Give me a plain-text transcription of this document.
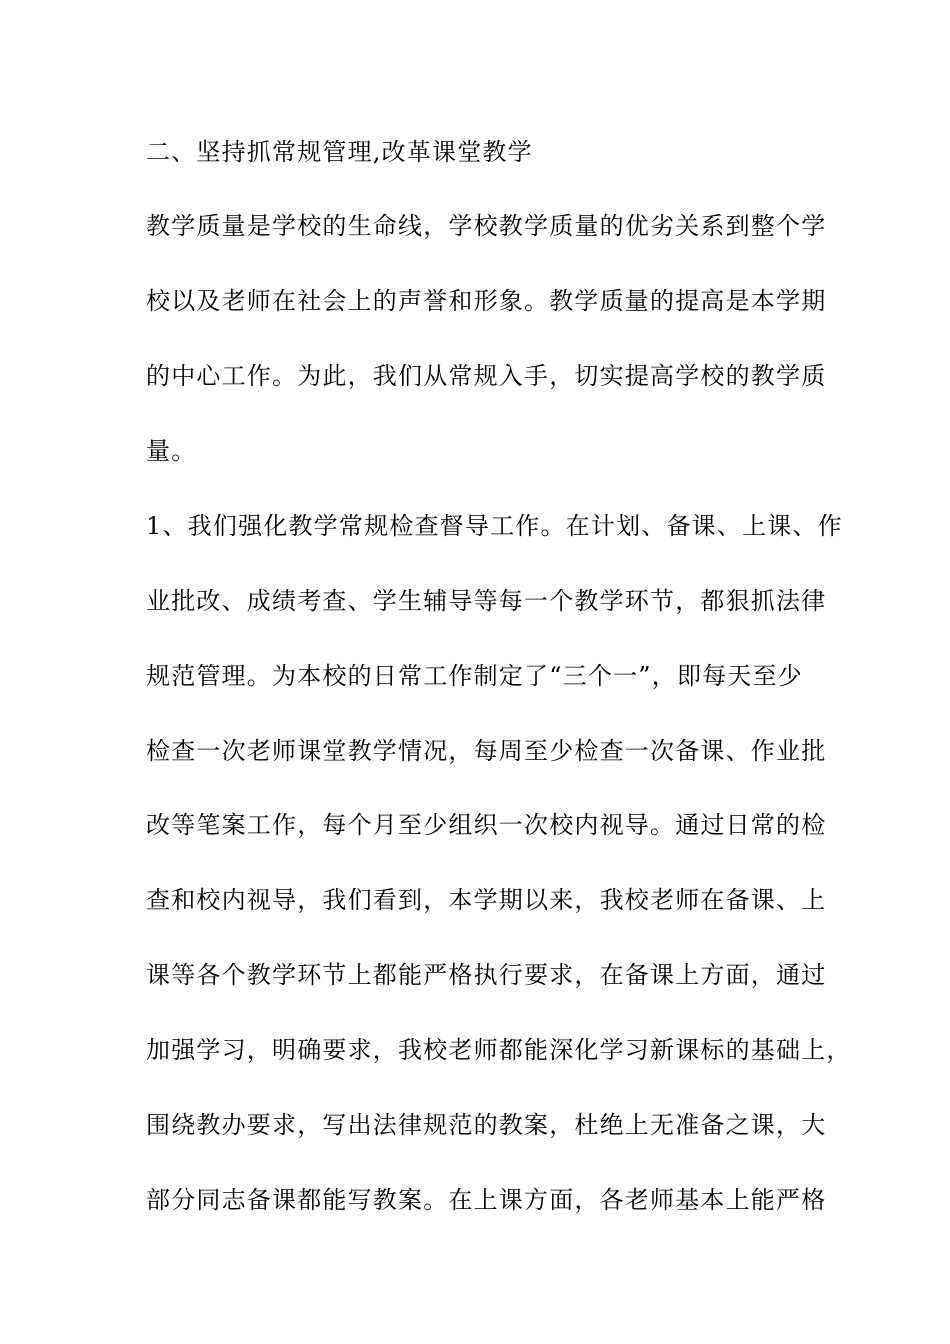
二、坚持抓常规管理,改革课堂教学
教学质量是学校的生命线，学校教学质量的优劣关系到整个学
校以及老师在社会上的声誉和形象。教学质量的提高是本学期
的中心工作。为此，我们从常规入手，切实提高学校的教学质
量。
1、我们强化教学常规检查督导工作。在计划、备课、上课、作
业批改、成绩考查、学生辅导等每一个教学环节，都狠抓法律
规范管理。为本校的日常工作制定了“三个一”，即每天至少
检查一次老师课堂教学情况，每周至少检查一次备课、作业批
改等笔案工作，每个月至少组织一次校内视导。通过日常的检
查和校内视导，我们看到，本学期以来，我校老师在备课、上
课等各个教学环节上都能严格执行要求，在备课上方面，通过
加强学习，明确要求，我校老师都能深化学习新课标的基础上，
围绕教办要求，写出法律规范的教案，杜绝上无准备之课，大
部分同志备课都能写教案。在上课方面，各老师基本上能严格
